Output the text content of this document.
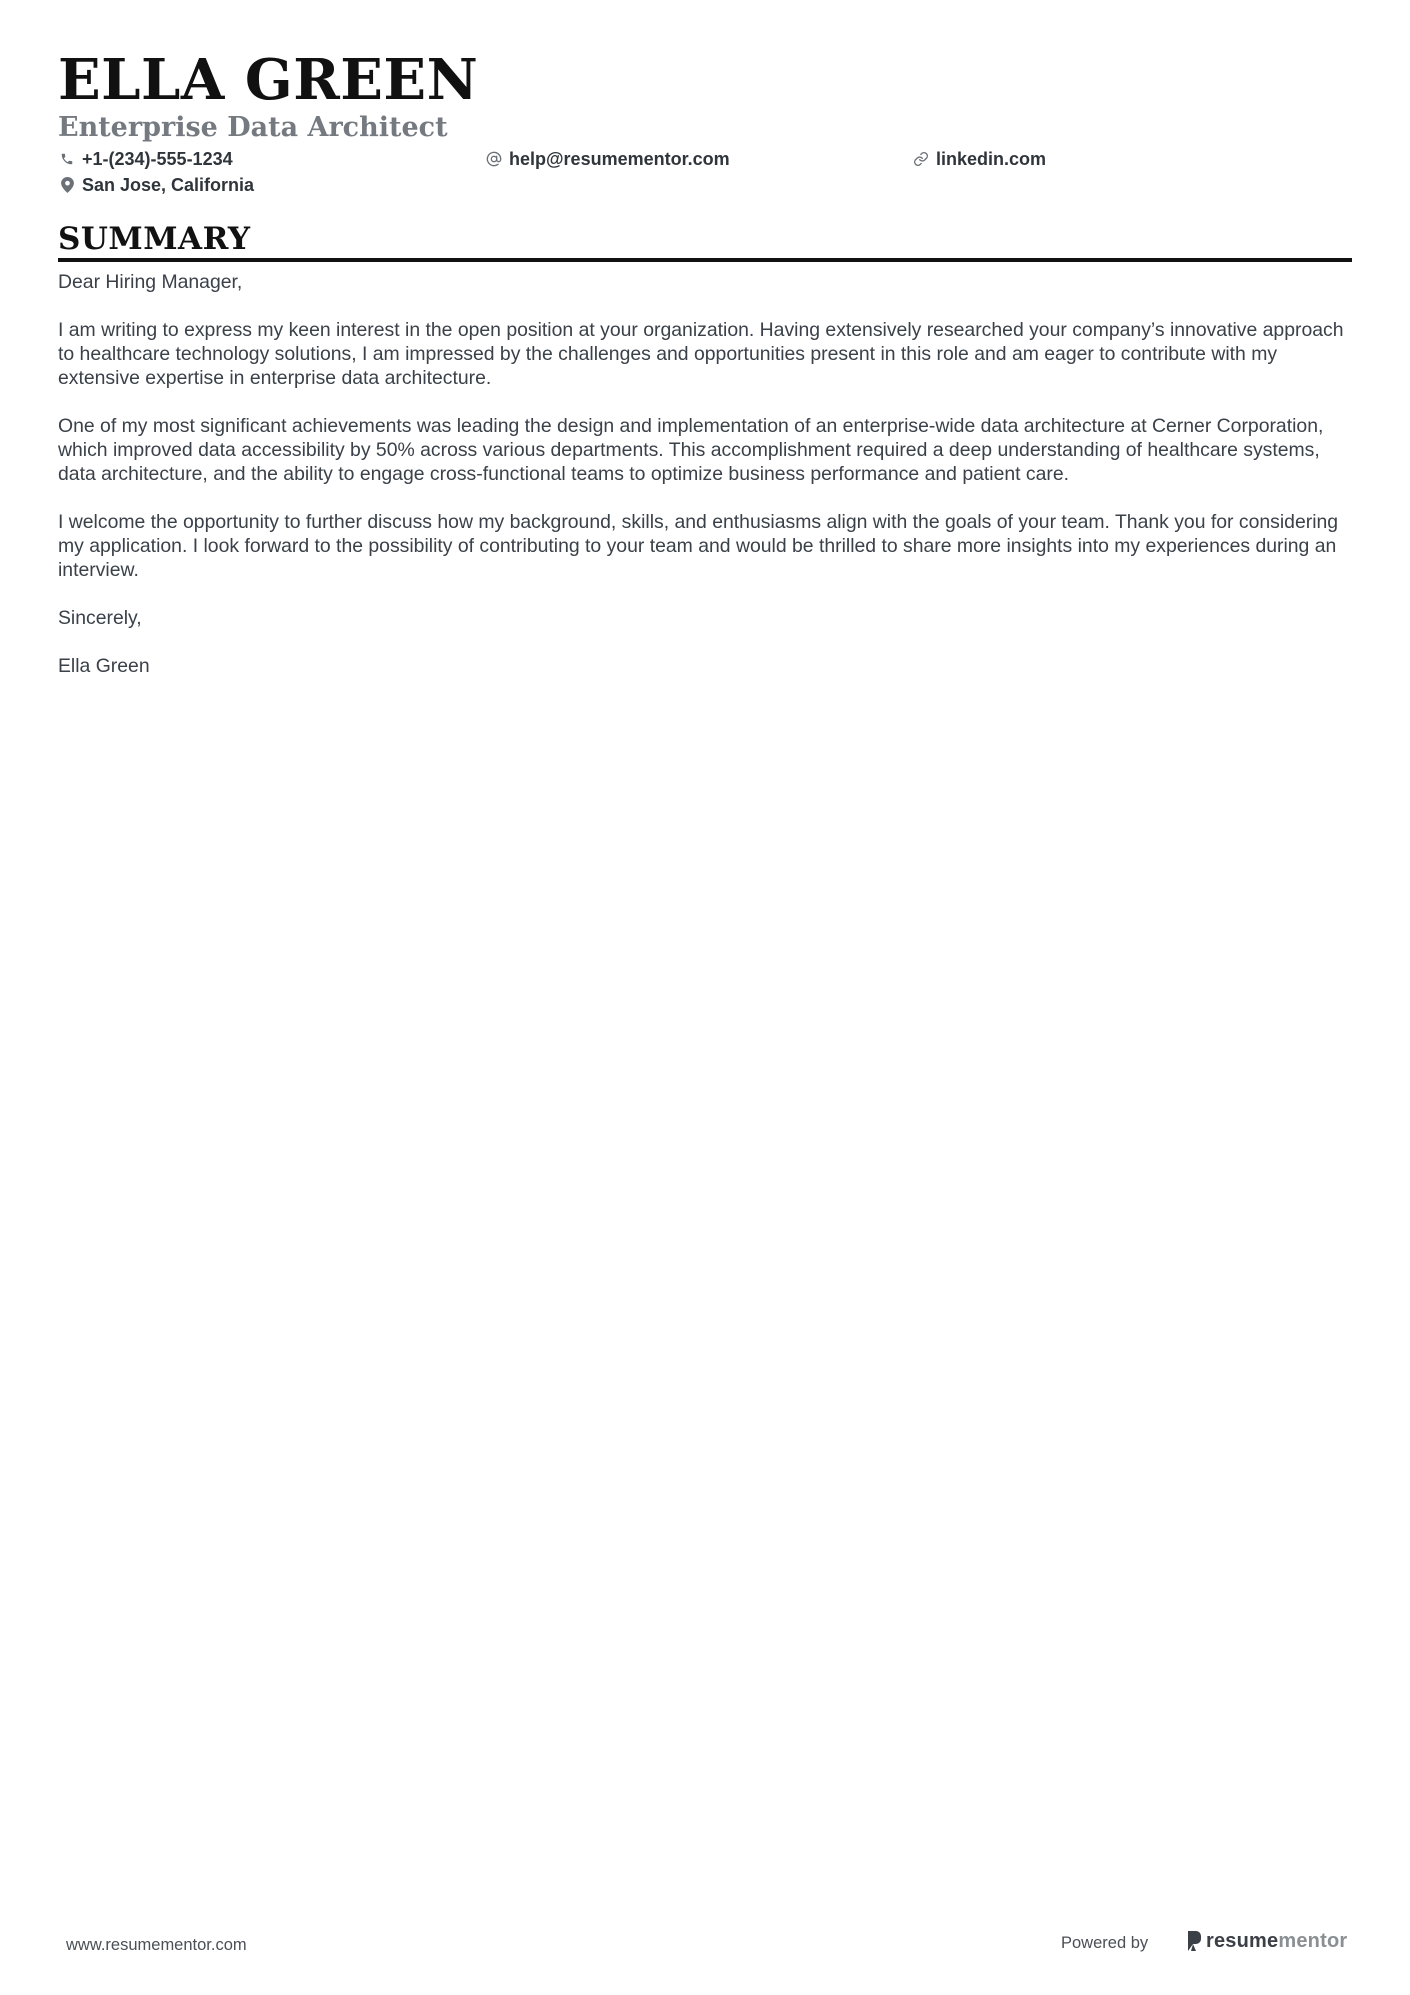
ELLA GREEN
Enterprise Data Architect
+1-(234)-555-1234	help@resumementor.com	linkedin.com
San Jose, California
SUMMARY

Dear Hiring Manager,

I am writing to express my keen interest in the open position at your organization. Having extensively researched your company’s innovative approach to healthcare technology solutions, I am impressed by the challenges and opportunities present in this role and am eager to contribute with my extensive expertise in enterprise data architecture.

One of my most significant achievements was leading the design and implementation of an enterprise-wide data architecture at Cerner Corporation, which improved data accessibility by 50% across various departments. This accomplishment required a deep understanding of healthcare systems, data architecture, and the ability to engage cross-functional teams to optimize business performance and patient care.

I welcome the opportunity to further discuss how my background, skills, and enthusiasms align with the goals of your team. Thank you for considering my application. I look forward to the possibility of contributing to your team and would be thrilled to share more insights into my experiences during an interview.

Sincerely,

Ella Green

www.resumementor.com	Powered by	resumementor
